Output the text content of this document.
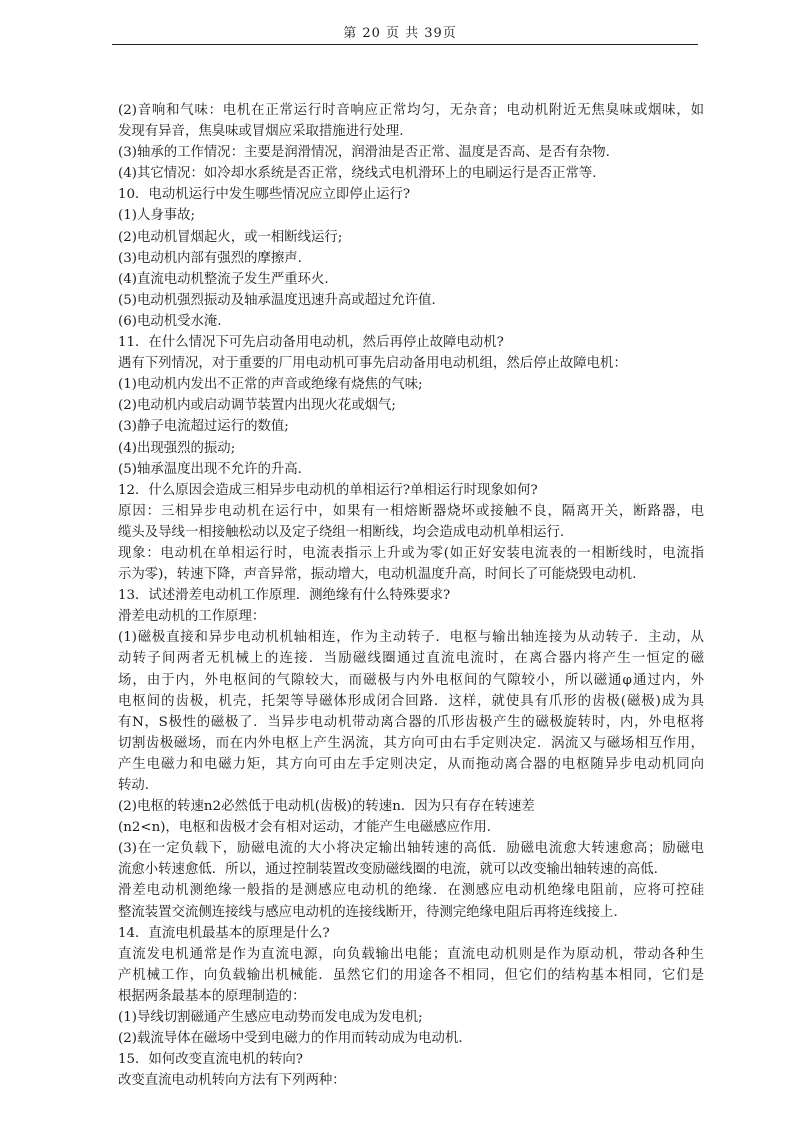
第 20 页 共 39页
(2)音响和气味：电机在正常运行时音响应正常均匀，无杂音；电动机附近无焦臭味或烟味，如
发现有异音，焦臭味或冒烟应采取措施进行处理.
(3)轴承的工作情况：主要是润滑情况，润滑油是否正常、温度是否高、是否有杂物.
(4)其它情况：如冷却水系统是否正常，绕线式电机滑环上的电刷运行是否正常等.
10．电动机运行中发生哪些情况应立即停止运行?
(1)人身事故;
(2)电动机冒烟起火，或一相断线运行;
(3)电动机内部有强烈的摩擦声.
(4)直流电动机整流子发生严重环火.
(5)电动机强烈振动及轴承温度迅速升高或超过允许值.
(6)电动机受水淹.
11．在什么情况下可先启动备用电动机，然后再停止故障电动机?
遇有下列情况，对于重要的厂用电动机可事先启动备用电动机组，然后停止故障电机：
(1)电动机内发出不正常的声音或绝缘有烧焦的气味;
(2)电动机内或启动调节装置内出现火花或烟气;
(3)静子电流超过运行的数值;
(4)出现强烈的振动;
(5)轴承温度出现不允许的升高.
12．什么原因会造成三相异步电动机的单相运行?单相运行时现象如何?
原因：三相异步电动机在运行中，如果有一相熔断器烧坏或接触不良，隔离开关，断路器，电
缆头及导线一相接触松动以及定子绕组一相断线，均会造成电动机单相运行.
现象：电动机在单相运行时，电流表指示上升或为零(如正好安装电流表的一相断线时，电流指
示为零)，转速下降，声音异常，振动增大，电动机温度升高，时间长了可能烧毁电动机.
13．试述滑差电动机工作原理．测绝缘有什么特殊要求?
滑差电动机的工作原理：
(1)磁极直接和异步电动机机轴相连，作为主动转子．电枢与输出轴连接为从动转子．主动，从
动转子间两者无机械上的连接．当励磁线圈通过直流电流时，在离合器内将产生一恒定的磁
场，由于内，外电枢间的气隙较大，而磁极与内外电枢间的气隙较小，所以磁通φ通过内，外
电枢间的齿极，机壳，托架等导磁体形成闭合回路．这样，就使具有爪形的齿极(磁极)成为具
有N，S极性的磁极了．当异步电动机带动离合器的爪形齿极产生的磁极旋转时，内，外电枢将
切割齿极磁场，而在内外电枢上产生涡流，其方向可由右手定则决定．涡流又与磁场相互作用，
产生电磁力和电磁力矩，其方向可由左手定则决定，从而拖动离合器的电枢随异步电动机同向
转动.
(2)电枢的转速n2必然低于电动机(齿极)的转速n．因为只有存在转速差
(n2<n)，电枢和齿极才会有相对运动，才能产生电磁感应作用.
(3)在一定负载下，励磁电流的大小将决定输出轴转速的高低．励磁电流愈大转速愈高；励磁电
流愈小转速愈低．所以，通过控制装置改变励磁线圈的电流，就可以改变输出轴转速的高低.
滑差电动机测绝缘一般指的是测感应电动机的绝缘．在测感应电动机绝缘电阻前，应将可控硅
整流装置交流侧连接线与感应电动机的连接线断开，待测完绝缘电阻后再将连线接上.
14．直流电机最基本的原理是什么?
直流发电机通常是作为直流电源，向负载输出电能；直流电动机则是作为原动机，带动各种生
产机械工作，向负载输出机械能．虽然它们的用途各不相同，但它们的结构基本相同，它们是
根据两条最基本的原理制造的：
(1)导线切割磁通产生感应电动势而发电成为发电机;
(2)载流导体在磁场中受到电磁力的作用而转动成为电动机.
15．如何改变直流电机的转向?
改变直流电动机转向方法有下列两种：
